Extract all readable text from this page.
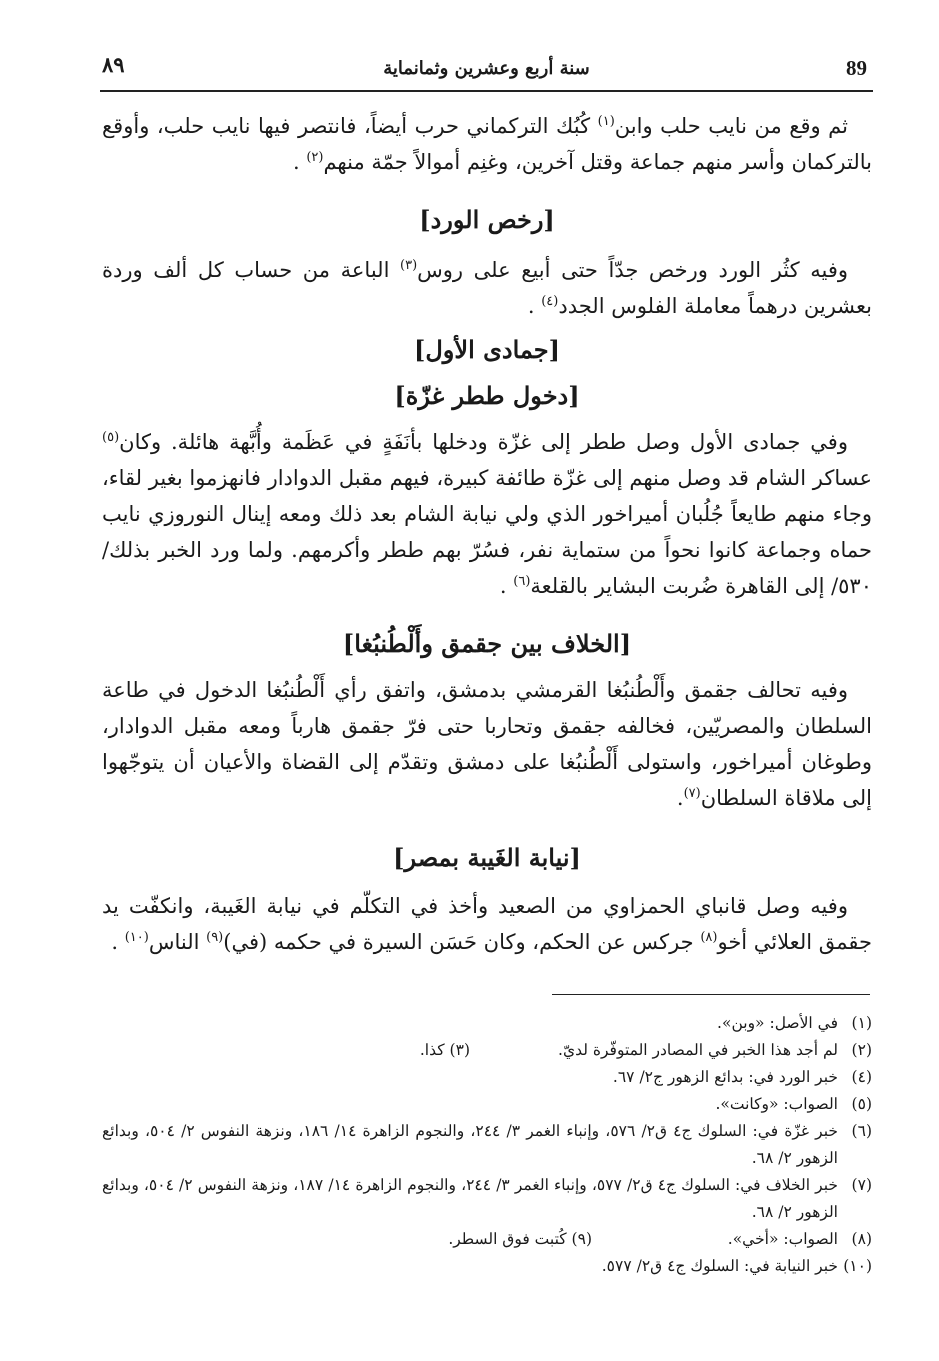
89
سنة أربع وعشرين وثمانماية
٨٩

ثم وقع من نايب حلب وابن$^{(١)}$ كُبُك التركماني حرب أيضاً، فانتصر فيها نايب حلب، وأوقع بالتركمان وأسر منهم جماعة وقتل آخرين، وغنِم أموالاً جمّة منهم$^{(٢)}$ .

[رخص الورد]

وفيه كثُر الورد ورخص جدّاً حتى أبيع على روس$^{(٣)}$ الباعة من حساب كل ألف وردة بعشرين درهماً معاملة الفلوس الجدد$^{(٤)}$ .

[جمادى الأول]
[دخول ططر غزّة]

وفي جمادى الأول وصل ططر إلى غزّة ودخلها بأنَفَةٍ في عَظَمة وأُبَّهة هائلة. وكان$^{(٥)}$ عساكر الشام قد وصل منهم إلى غزّة طائفة كبيرة، فيهم مقبل الدوادار فانهزموا بغير لقاء، وجاء منهم طايعاً جُلُبان أميراخور الذي ولي نيابة الشام بعد ذلك ومعه إينال النوروزي نايب حماه وجماعة كانوا نحواً من ستماية نفر، فسُرّ بهم ططر وأكرمهم. ولما ورد الخبر بذلك/ ٥٣٠/ إلى القاهرة ضُربت البشاير بالقلعة$^{(٦)}$ .

[الخلاف بين جقمق وأَلْطُنبُغا]

وفيه تحالف جقمق وأَلْطُنبُغا القرمشي بدمشق، واتفق رأي أَلْطُنبُغا الدخول في طاعة السلطان والمصريّين، فخالفه جقمق وتحاربا حتى فرّ جقمق هارباً ومعه مقبل الدوادار، وطوغان أميراخور، واستولى أَلْطُنبُغا على دمشق وتقدّم إلى القضاة والأعيان أن يتوجّهوا إلى ملاقاة السلطان$^{(٧)}$.

[نيابة الغَيبة بمصر]

وفيه وصل قانباي الحمزاوي من الصعيد وأخذ في التكلّم في نيابة الغَيبة، وانكفّت يد جقمق العلائي أخو$^{(٨)}$ جركس عن الحكم، وكان حَسَن السيرة في حكمه (في)$^{(٩)}$ الناس$^{(١٠)}$ .

(١)
في الأصل: «وبن».
(٢)
لم أجد هذا الخبر في المصادر المتوفّرة لديّ.
(٣) كذا.
(٤)
خبر الورد في: بدائع الزهور ج٢/ ٦٧.
(٥)
الصواب: «وكانت».
(٦)
خبر غزّة في: السلوك ج٤ ق٢/ ٥٧٦، وإنباء الغمر ٣/ ٢٤٤، والنجوم الزاهرة ١٤/ ١٨٦، ونزهة النفوس ٢/ ٥٠٤، وبدائع الزهور ٢/ ٦٨.
(٧)
خبر الخلاف في: السلوك ج٤ ق٢/ ٥٧٧، وإنباء الغمر ٣/ ٢٤٤، والنجوم الزاهرة ١٤/ ١٨٧، ونزهة النفوس ٢/ ٥٠٤، وبدائع الزهور ٢/ ٦٨.
(٨)
الصواب: «أخي».
(٩) كُتبت فوق السطر.
(١٠)
خبر النيابة في: السلوك ج٤ ق٢/ ٥٧٧.
